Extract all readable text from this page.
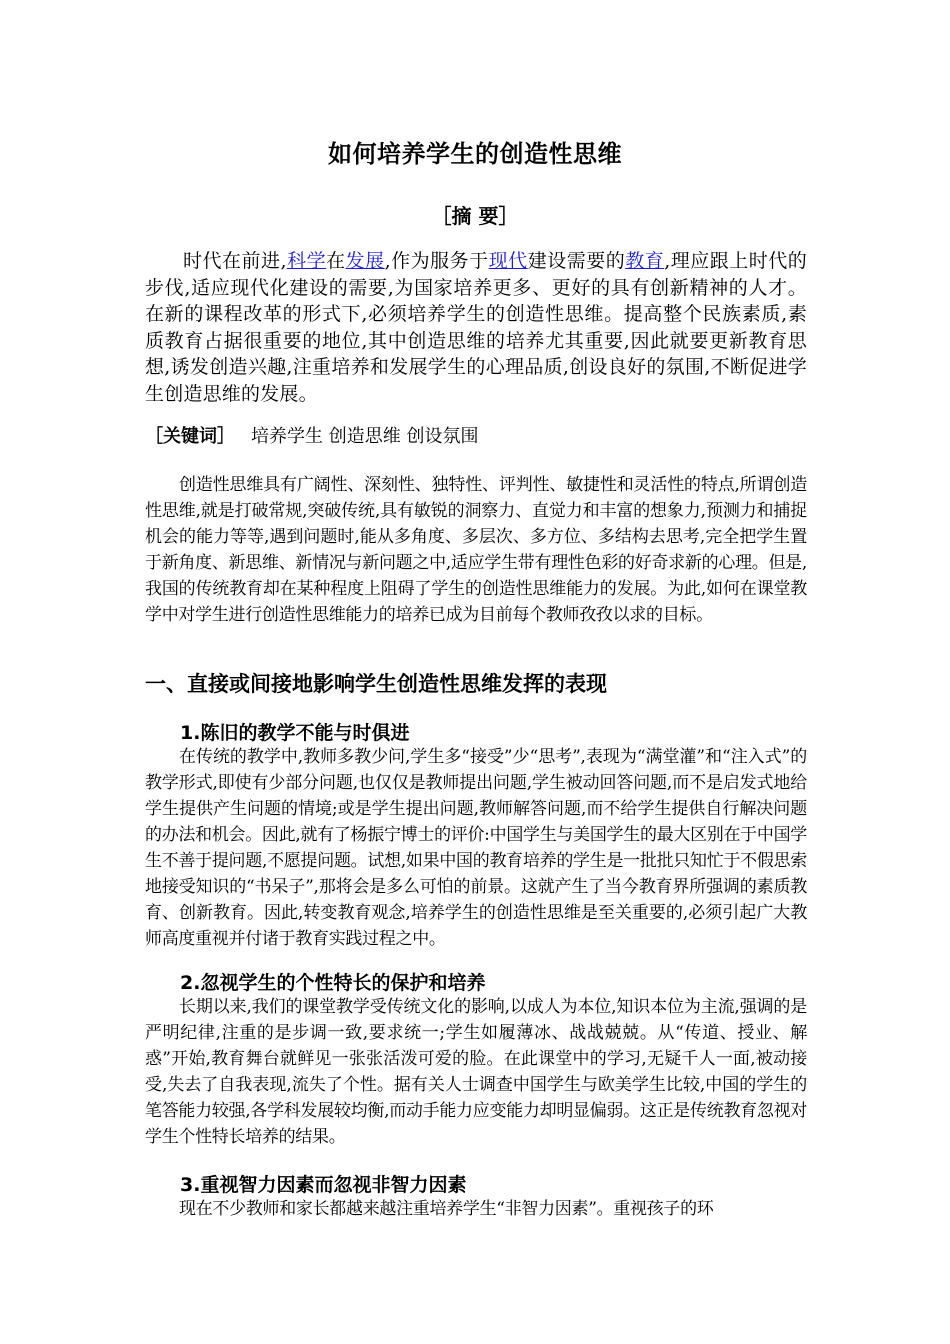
如何培养学生的创造性思维
［摘 要］
时代在前进,科学在发展,作为服务于现代建设需要的教育,理应跟上时代的步伐,适应现代化建设的需要,为国家培养更多、更好的具有创新精神的人才。在新的课程改革的形式下,必须培养学生的创造性思维。提高整个民族素质,素质教育占据很重要的地位,其中创造思维的培养尤其重要,因此就要更新教育思想,诱发创造兴趣,注重培养和发展学生的心理品质,创设良好的氛围,不断促进学生创造思维的发展。
［关键词］ 培养学生 创造思维 创设氛围
创造性思维具有广阔性、深刻性、独特性、评判性、敏捷性和灵活性的特点,所谓创造性思维,就是打破常规,突破传统,具有敏锐的洞察力、直觉力和丰富的想象力,预测力和捕捉机会的能力等等,遇到问题时,能从多角度、多层次、多方位、多结构去思考,完全把学生置于新角度、新思维、新情况与新问题之中,适应学生带有理性色彩的好奇求新的心理。但是,我国的传统教育却在某种程度上阻碍了学生的创造性思维能力的发展。为此,如何在课堂教学中对学生进行创造性思维能力的培养已成为目前每个教师孜孜以求的目标。
一、直接或间接地影响学生创造性思维发挥的表现
1.陈旧的教学不能与时俱进
在传统的教学中,教师多教少问,学生多“接受”少“思考”,表现为“满堂灌”和“注入式”的教学形式,即使有少部分问题,也仅仅是教师提出问题,学生被动回答问题,而不是启发式地给学生提供产生问题的情境;或是学生提出问题,教师解答问题,而不给学生提供自行解决问题的办法和机会。因此,就有了杨振宁博士的评价:中国学生与美国学生的最大区别在于中国学生不善于提问题,不愿提问题。试想,如果中国的教育培养的学生是一批批只知忙于不假思索地接受知识的“书呆子”,那将会是多么可怕的前景。这就产生了当今教育界所强调的素质教育、创新教育。因此,转变教育观念,培养学生的创造性思维是至关重要的,必须引起广大教师高度重视并付诸于教育实践过程之中。
2.忽视学生的个性特长的保护和培养
长期以来,我们的课堂教学受传统文化的影响,以成人为本位,知识本位为主流,强调的是严明纪律,注重的是步调一致,要求统一;学生如履薄冰、战战兢兢。从“传道、授业、解惑”开始,教育舞台就鲜见一张张活泼可爱的脸。在此课堂中的学习,无疑千人一面,被动接受,失去了自我表现,流失了个性。据有关人士调查中国学生与欧美学生比较,中国的学生的笔答能力较强,各学科发展较均衡,而动手能力应变能力却明显偏弱。这正是传统教育忽视对学生个性特长培养的结果。
3.重视智力因素而忽视非智力因素
现在不少教师和家长都越来越注重培养学生“非智力因素”。重视孩子的环
